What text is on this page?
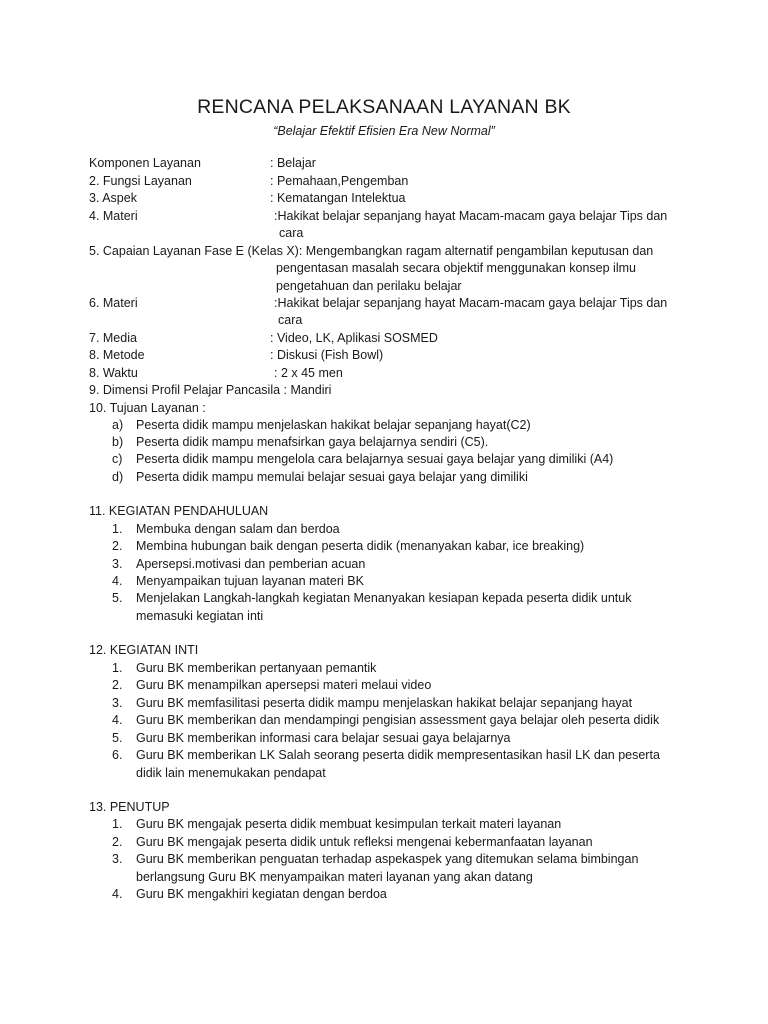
RENCANA PELAKSANAAN LAYANAN BK
“Belajar Efektif Efisien Era New Normal”
Komponen Layanan	: Belajar
2. Fungsi Layanan	: Pemahaan,Pengemban
3. Aspek	: Kematangan Intelektua
4. Materi	:Hakikat belajar sepanjang hayat Macam-macam gaya belajar Tips dan
cara
5. Capaian Layanan Fase E (Kelas X): Mengembangkan ragam alternatif pengambilan keputusan dan
pengentasan masalah secara objektif menggunakan konsep ilmu
pengetahuan dan perilaku belajar
6. Materi	:Hakikat belajar sepanjang hayat Macam-macam gaya belajar Tips dan
cara
7. Media	: Video, LK, Aplikasi SOSMED
8. Metode	: Diskusi (Fish Bowl)
8. Waktu	: 2 x 45 men
9. Dimensi Profil Pelajar Pancasila : Mandiri
10. Tujuan Layanan :
a) Peserta didik mampu menjelaskan hakikat belajar sepanjang hayat(C2)
b) Peserta didik mampu menafsirkan gaya belajarnya sendiri (C5).
c) Peserta didik mampu mengelola cara belajarnya sesuai gaya belajar yang dimiliki (A4)
d) Peserta didik mampu memulai belajar sesuai gaya belajar yang dimiliki
11. KEGIATAN PENDAHULUAN
1. Membuka dengan salam dan berdoa
2. Membina hubungan baik dengan peserta didik (menanyakan kabar, ice breaking)
3. Apersepsi.motivasi dan pemberian acuan
4. Menyampaikan tujuan layanan materi BK
5. Menjelakan Langkah-langkah kegiatan Menanyakan kesiapan kepada peserta didik untuk
memasuki kegiatan inti
12. KEGIATAN INTI
1. Guru BK memberikan pertanyaan pemantik
2. Guru BK menampilkan apersepsi materi melaui video
3. Guru BK memfasilitasi peserta didik mampu menjelaskan hakikat belajar sepanjang hayat
4. Guru BK memberikan dan mendampingi pengisian assessment gaya belajar oleh peserta didik
5. Guru BK memberikan informasi cara belajar sesuai gaya belajarnya
6. Guru BK memberikan LK Salah seorang peserta didik mempresentasikan hasil LK dan peserta
didik lain menemukakan pendapat
13. PENUTUP
1. Guru BK mengajak peserta didik membuat kesimpulan terkait materi layanan
2. Guru BK mengajak peserta didik untuk refleksi mengenai kebermanfaatan layanan
3. Guru BK memberikan penguatan terhadap aspekaspek yang ditemukan selama bimbingan
berlangsung Guru BK menyampaikan materi layanan yang akan datang
4. Guru BK mengakhiri kegiatan dengan berdoa
